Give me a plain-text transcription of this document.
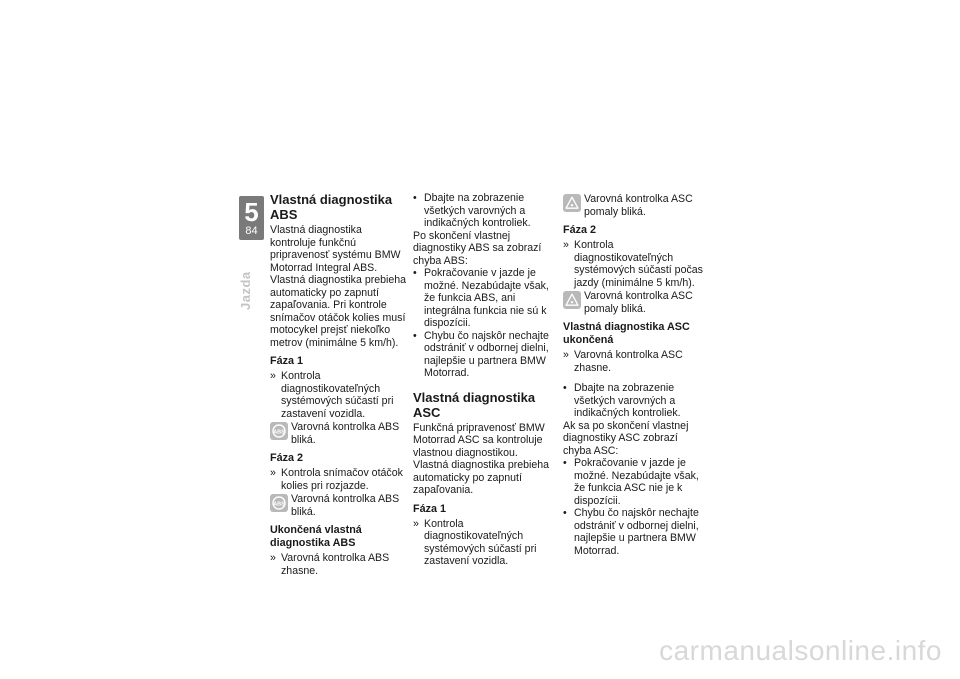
5
84
Jazda
Vlastná diagnostika ABS

Vlastná diagnostika kontroluje funkčnú pripravenosť systému BMW Motorrad Integral ABS. Vlastná diagnostika prebieha automaticky po zapnutí zapaľovania. Pri kontrole snímačov otáčok kolies musí motocykel prejsť niekoľko metrov (minimálne 5 km/h).

Fáza 1
» Kontrola diagnostikovateľných systémových súčastí pri zastavení vozidla.
ABS Varovná kontrolka ABS bliká.
Fáza 2
» Kontrola snímačov otáčok kolies pri rozjazde.
ABS Varovná kontrolka ABS bliká.
Ukončená vlastná diagnostika ABS
» Varovná kontrolka ABS zhasne.
• Dbajte na zobrazenie všetkých varovných a indikačných kontroliek.

Po skončení vlastnej diagnostiky ABS sa zobrazí chyba ABS:

• Pokračovanie v jazde je možné. Nezabúdajte však, že funkcia ABS, ani integrálna funkcia nie sú k dispozícii.
• Chybu čo najskôr nechajte odstrániť v odbornej dielni, najlepšie u partnera BMW Motorrad.
Vlastná diagnostika ASC

Funkčná pripravenosť BMW Motorrad ASC sa kontroluje vlastnou diagnostikou. Vlastná diagnostika prebieha automaticky po zapnutí zapaľovania.

Fáza 1
» Kontrola diagnostikovateľných systémových súčastí pri zastavení vozidla.
Varovná kontrolka ASC pomaly bliká.
Fáza 2
» Kontrola diagnostikovateľných systémových súčastí počas jazdy (minimálne 5 km/h).
Varovná kontrolka ASC pomaly bliká.
Vlastná diagnostika ASC ukončená
» Varovná kontrolka ASC zhasne.
• Dbajte na zobrazenie všetkých varovných a indikačných kontroliek.

Ak sa po skončení vlastnej diagnostiky ASC zobrazí chyba ASC:

• Pokračovanie v jazde je možné. Nezabúdajte však, že funkcia ASC nie je k dispozícii.
• Chybu čo najskôr nechajte odstrániť v odbornej dielni, najlepšie u partnera BMW Motorrad.
carmanualsonline.info
